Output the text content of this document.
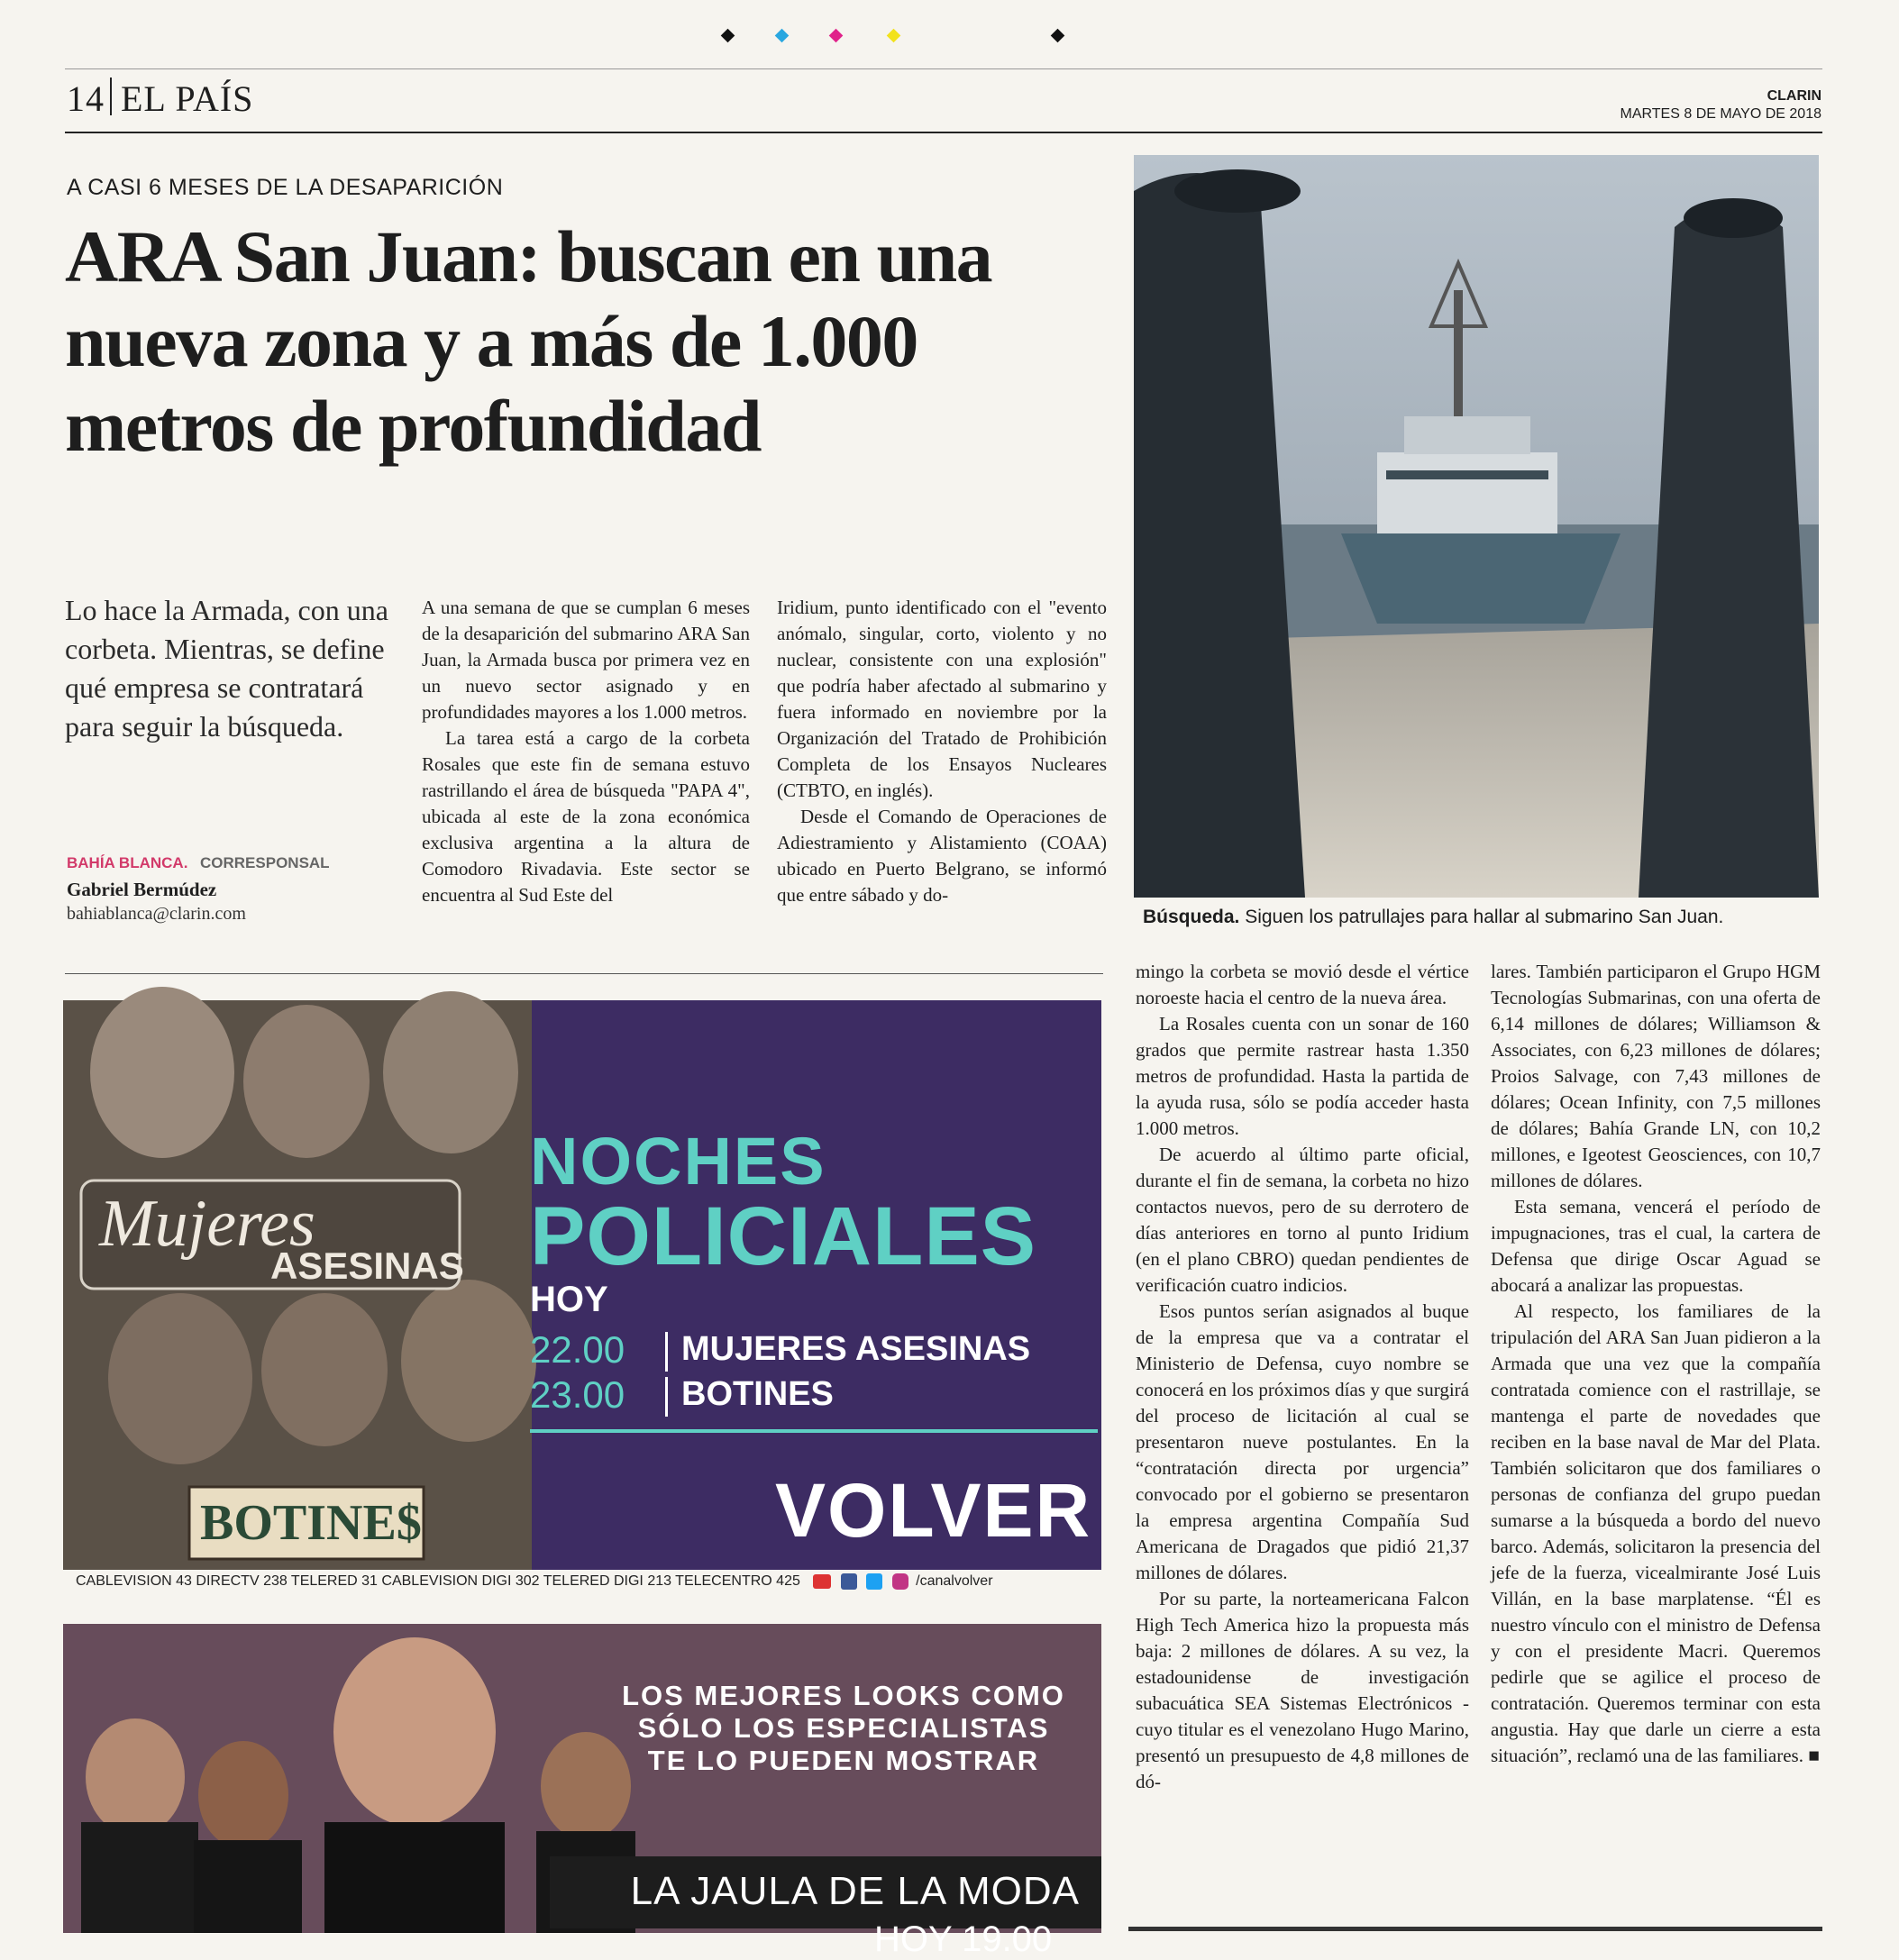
14 EL PAÍS	CLARIN
MARTES 8 DE MAYO DE 2018
A CASI 6 MESES DE LA DESAPARICIÓN
ARA San Juan: buscan en una nueva zona y a más de 1.000 metros de profundidad

Lo hace la Armada, con una corbeta. Mientras, se define qué empresa se contratará para seguir la búsqueda.

BAHÍA BLANCA. CORRESPONSAL
Gabriel Bermúdez
bahiablanca@clarin.com

A una semana de que se cumplan 6 meses de la desaparición del submarino ARA San Juan, la Armada busca por primera vez en un nuevo sector asignado y en profundidades mayores a los 1.000 metros.

La tarea está a cargo de la corbeta Rosales que este fin de semana estuvo rastrillando el área de búsqueda "PAPA 4", ubicada al este de la zona económica exclusiva argentina a la altura de Comodoro Rivadavia. Este sector se encuentra al Sud Este del

Iridium, punto identificado con el "evento anómalo, singular, corto, violento y no nuclear, consistente con una explosión" que podría haber afectado al submarino y fuera informado en noviembre por la Organización del Tratado de Prohibición Completa de los Ensayos Nucleares (CTBTO, en inglés).

Desde el Comando de Operaciones de Adiestramiento y Alistamiento (COAA) ubicado en Puerto Belgrano, se informó que entre sábado y do-

mingo la corbeta se movió desde el vértice noroeste hacia el centro de la nueva área.

La Rosales cuenta con un sonar de 160 grados que permite rastrear hasta 1.350 metros de profundidad. Hasta la partida de la ayuda rusa, sólo se podía acceder hasta 1.000 metros.

De acuerdo al último parte oficial, durante el fin de semana, la corbeta no hizo contactos nuevos, pero de su derrotero de días anteriores en torno al punto Iridium (en el plano CBRO) quedan pendientes de verificación cuatro indicios.

Esos puntos serían asignados al buque de la empresa que va a contratar el Ministerio de Defensa, cuyo nombre se conocerá en los próximos días y que surgirá del proceso de licitación al cual se presentaron nueve postulantes. En la “contratación directa por urgencia” convocado por el gobierno se presentaron la empresa argentina Compañía Sud Americana de Dragados que pidió 21,37 millones de dólares.

Por su parte, la norteamericana Falcon High Tech America hizo la propuesta más baja: 2 millones de dólares. A su vez, la estadounidense de investigación subacuática SEA Sistemas Electrónicos -cuyo titular es el venezolano Hugo Marino, presentó un presupuesto de 4,8 millones de dó-

lares. También participaron el Grupo HGM Tecnologías Submarinas, con una oferta de 6,14 millones de dólares; Williamson & Associates, con 6,23 millones de dólares; Proios Salvage, con 7,43 millones de dólares; Ocean Infinity, con 7,5 millones de dólares; Bahía Grande LN, con 10,2 millones, e Igeotest Geosciences, con 10,7 millones de dólares.

Esta semana, vencerá el período de impugnaciones, tras el cual, la cartera de Defensa que dirige Oscar Aguad se abocará a analizar las propuestas.

Al respecto, los familiares de la tripulación del ARA San Juan pidieron a la Armada que una vez que la compañía contratada comience con el rastrillaje, se mantenga el parte de novedades que reciben en la base naval de Mar del Plata. También solicitaron que dos familiares o personas de confianza del grupo puedan sumarse a la búsqueda a bordo del nuevo barco. Además, solicitaron la presencia del jefe de la fuerza, vicealmirante José Luis Villán, en la base marplatense. “Él es nuestro vínculo con el ministro de Defensa y con el presidente Macri. Queremos pedirle que se agilice el proceso de contratación. Queremos terminar con esta angustia. Hay que darle un cierre a esta situación”, reclamó una de las familiares. ■

Búsqueda. Siguen los patrullajes para hallar al submarino San Juan.
Mujeres
ASESINAS
BOTINE$
NOCHES
POLICIALES
HOY
22.00 MUJERES ASESINAS
23.00 BOTINES
VOLVER
CABLEVISION 43 DIRECTV 238 TELERED 31 CABLEVISION DIGI 302 TELERED DIGI 213 TELECENTRO 425	/canalvolver
LOS MEJORES LOOKS COMO
SÓLO LOS ESPECIALISTAS
TE LO PUEDEN MOSTRAR
LA JAULA DE LA MODA
HOY 19.00
